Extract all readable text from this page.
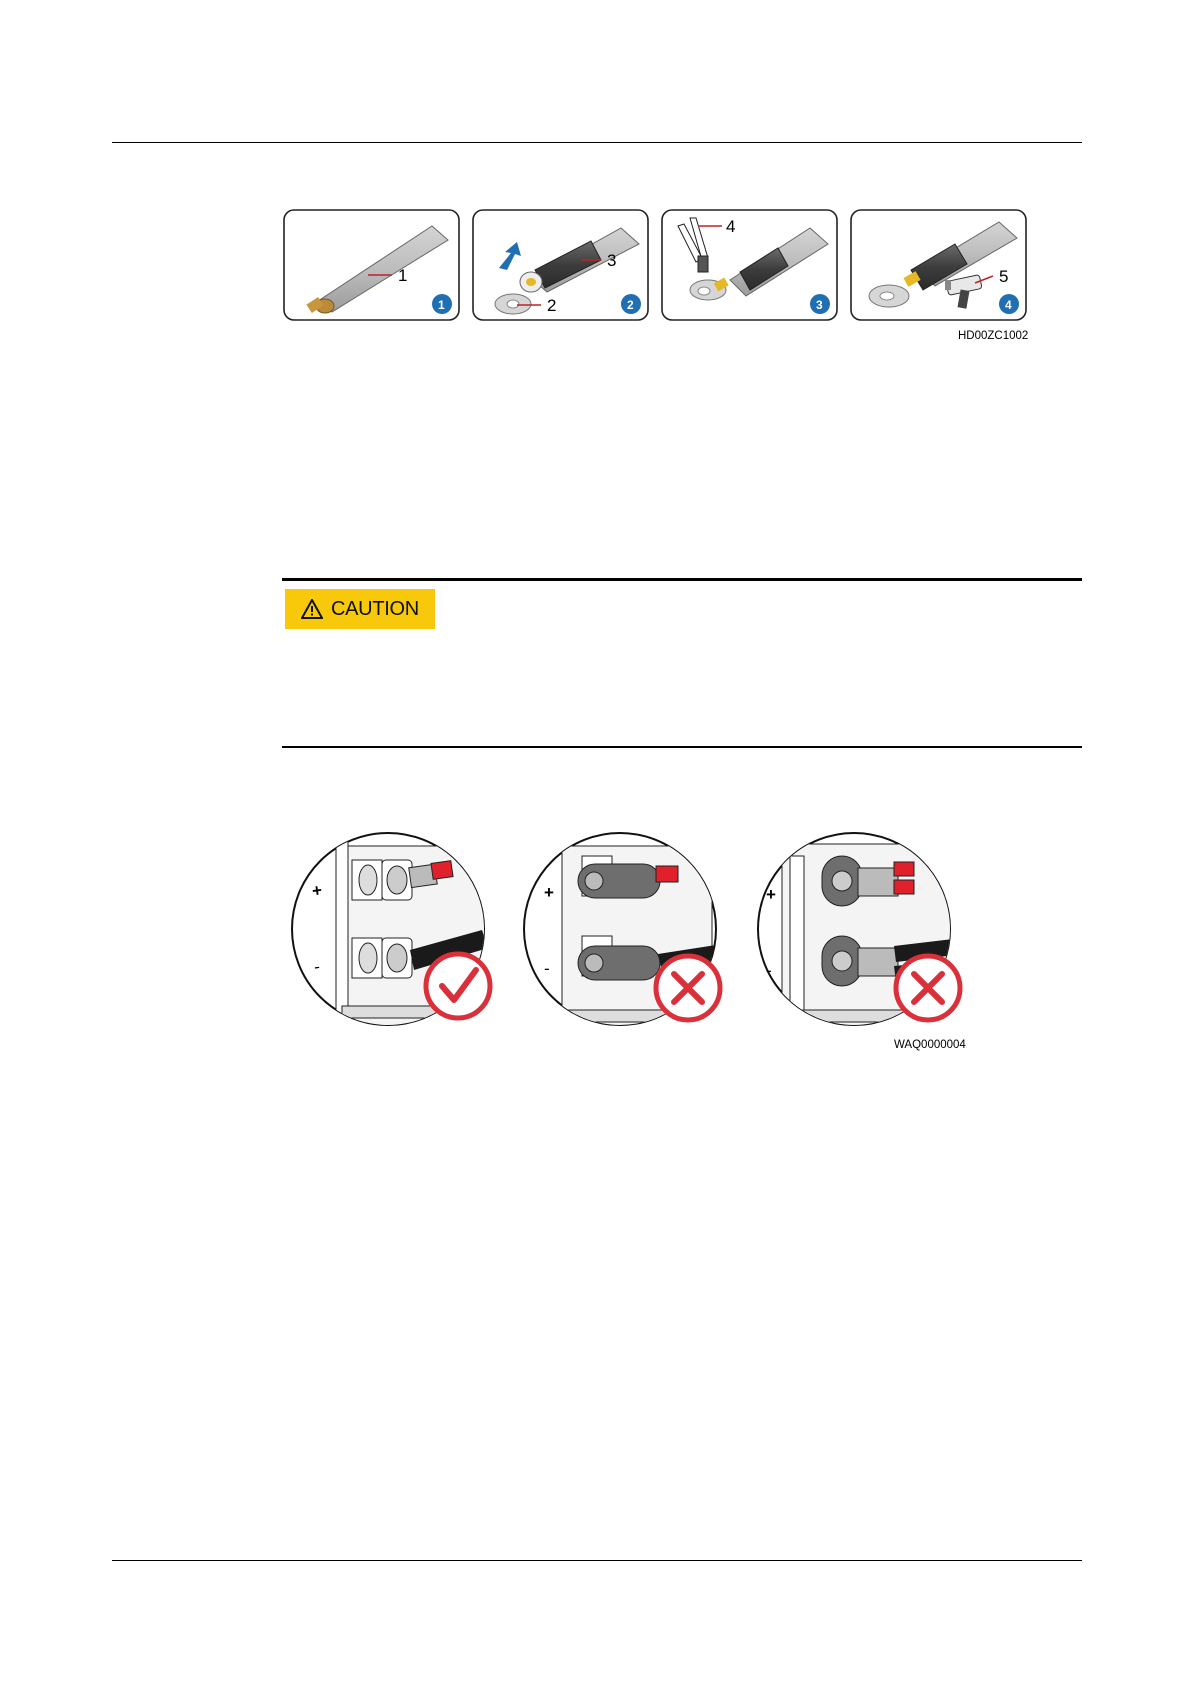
1
1	2
3
2
4
3
5
4
HD00ZC1002
CAUTION
+
-
+
-
+
-
WAQ0000004
